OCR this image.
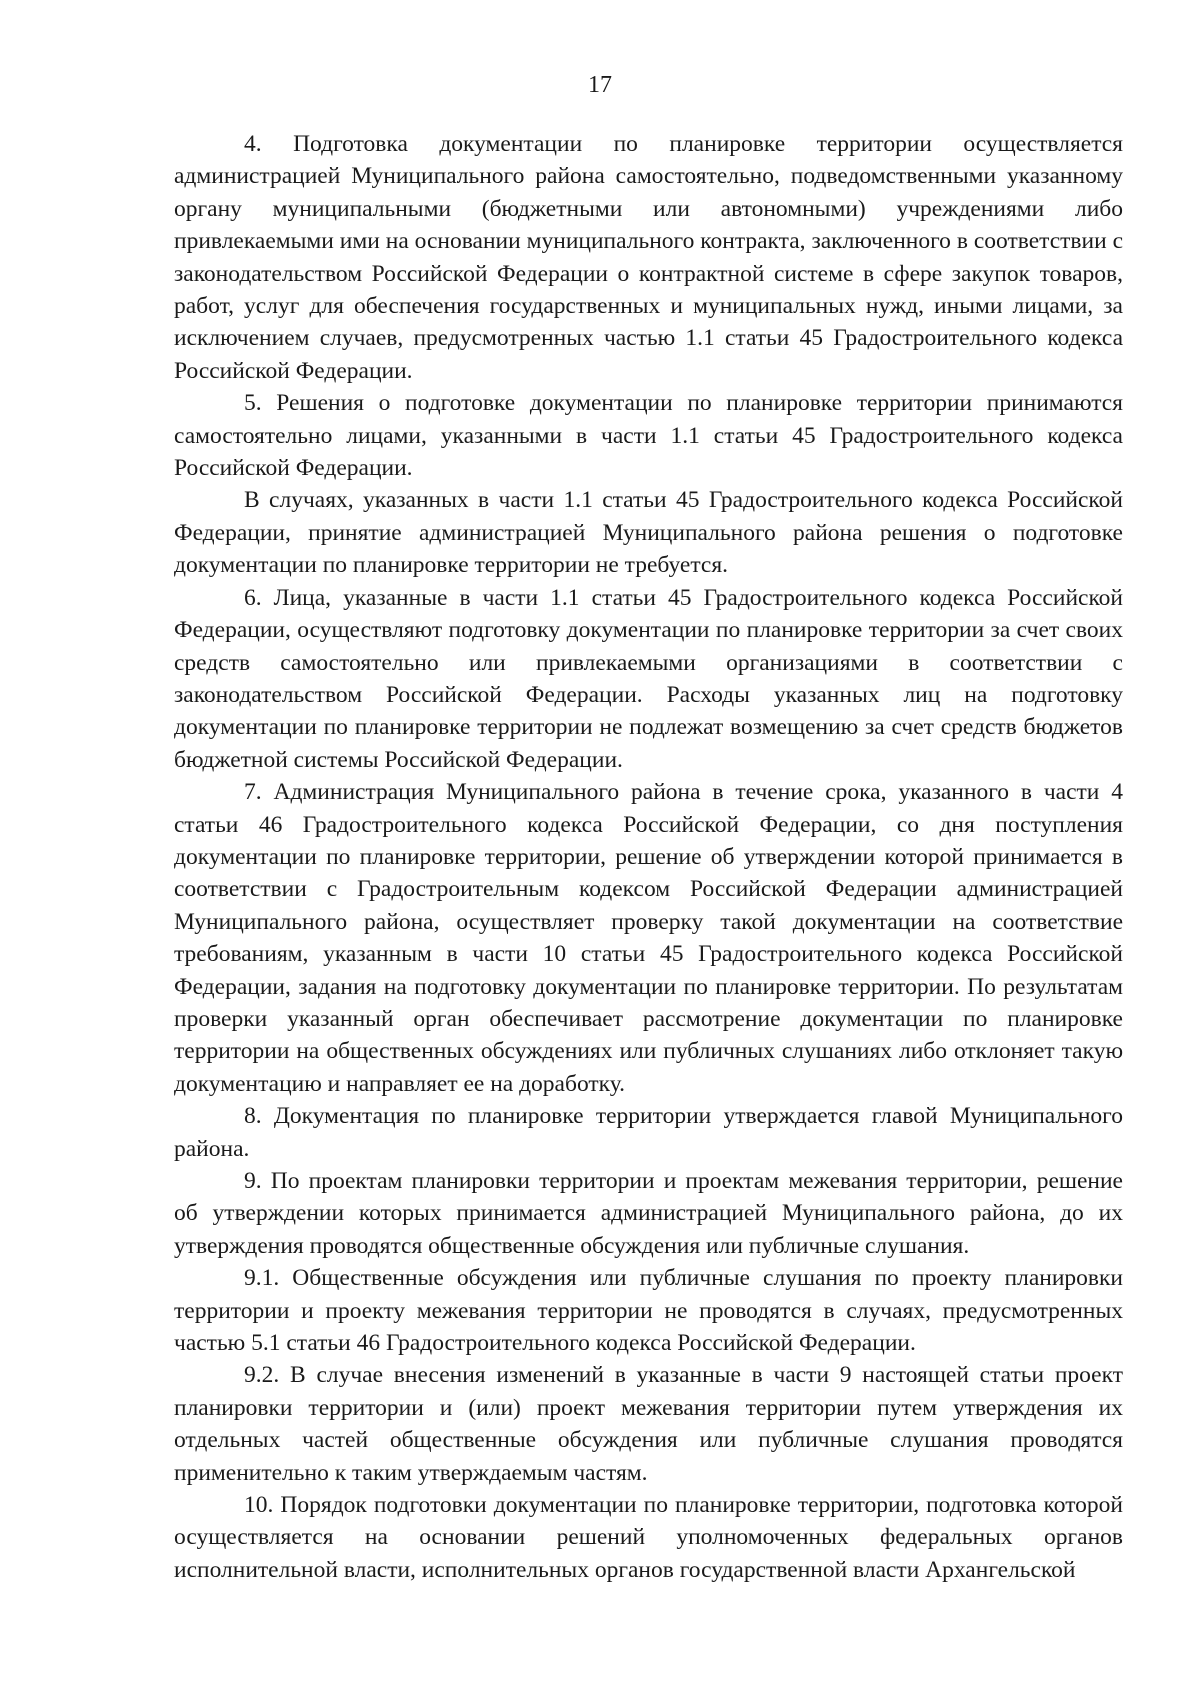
17

4. Подготовка документации по планировке территории осуществляется администрацией Муниципального района самостоятельно, подведомственными указанному органу муниципальными (бюджетными или автономными) учреждениями либо привлекаемыми ими на основании муниципального контракта, заключенного в соответствии с законодательством Российской Федерации о контрактной системе в сфере закупок товаров, работ, услуг для обеспечения государственных и муниципальных нужд, иными лицами, за исключением случаев, предусмотренных частью 1.1 статьи 45 Градостроительного кодекса Российской Федерации.

5. Решения о подготовке документации по планировке территории принимаются самостоятельно лицами, указанными в части 1.1 статьи 45 Градостроительного кодекса Российской Федерации.

В случаях, указанных в части 1.1 статьи 45 Градостроительного кодекса Российской Федерации, принятие администрацией Муниципального района решения о подготовке документации по планировке территории не требуется.

6. Лица, указанные в части 1.1 статьи 45 Градостроительного кодекса Российской Федерации, осуществляют подготовку документации по планировке территории за счет своих средств самостоятельно или привлекаемыми организациями в соответствии с законодательством Российской Федерации. Расходы указанных лиц на подготовку документации по планировке территории не подлежат возмещению за счет средств бюджетов бюджетной системы Российской Федерации.

7. Администрация Муниципального района в течение срока, указанного в части 4 статьи 46 Градостроительного кодекса Российской Федерации, со дня поступления документации по планировке территории, решение об утверждении которой принимается в соответствии с Градостроительным кодексом Российской Федерации администрацией Муниципального района, осуществляет проверку такой документации на соответствие требованиям, указанным в части 10 статьи 45 Градостроительного кодекса Российской Федерации, задания на подготовку документации по планировке территории. По результатам проверки указанный орган обеспечивает рассмотрение документации по планировке территории на общественных обсуждениях или публичных слушаниях либо отклоняет такую документацию и направляет ее на доработку.

8. Документация по планировке территории утверждается главой Муниципального района.

9. По проектам планировки территории и проектам межевания территории, решение об утверждении которых принимается администрацией Муниципального района, до их утверждения проводятся общественные обсуждения или публичные слушания.

9.1. Общественные обсуждения или публичные слушания по проекту планировки территории и проекту межевания территории не проводятся в случаях, предусмотренных частью 5.1 статьи 46 Градостроительного кодекса Российской Федерации.

9.2. В случае внесения изменений в указанные в части 9 настоящей статьи проект планировки территории и (или) проект межевания территории путем утверждения их отдельных частей общественные обсуждения или публичные слушания проводятся применительно к таким утверждаемым частям.

10. Порядок подготовки документации по планировке территории, подготовка которой осуществляется на основании решений уполномоченных федеральных органов исполнительной власти, исполнительных органов государственной власти Архангельской
